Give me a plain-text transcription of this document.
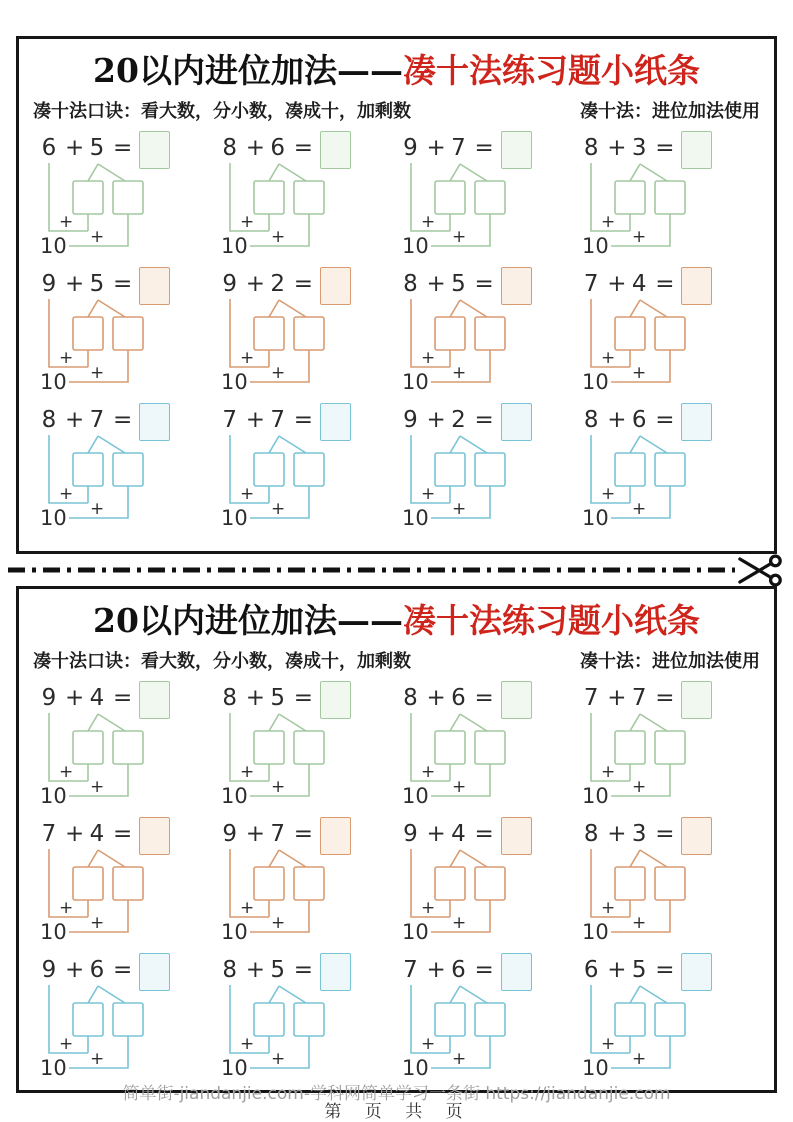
20以内进位加法——凑十法练习题小纸条
凑十法口诀：看大数，分小数，凑成十，加剩数	凑十法：进位加法使用
6 + 5 =
+
10 +
8 + 6 =
+
10 +
9 + 7 =
+
10 +
8 + 3 =
+
10 +
9 + 5 =
+
10 +
9 + 2 =
+
10 +
8 + 5 =
+
10 +
7 + 4 =
+
10 +
8 + 7 =
+
10 +
7 + 7 =
+
10 +
9 + 2 =
+
10 +
8 + 6 =
+
10 +
20以内进位加法——凑十法练习题小纸条
凑十法口诀：看大数，分小数，凑成十，加剩数	凑十法：进位加法使用
9 + 4 =
+
10 +
8 + 5 =
+
10 +
8 + 6 =
+
10 +
7 + 7 =
+
10 +
7 + 4 =
+
10 +
9 + 7 =
+
10 +
9 + 4 =
+
10 +
8 + 3 =
+
10 +
9 + 6 =
+
10 +
8 + 5 =
+
10 +
7 + 6 =
+
10 +
6 + 5 =
+
10 +
简单街-jiandanjie.com-学科网简单学习一条街 https://jiandanjie.com
第 页 共 页
